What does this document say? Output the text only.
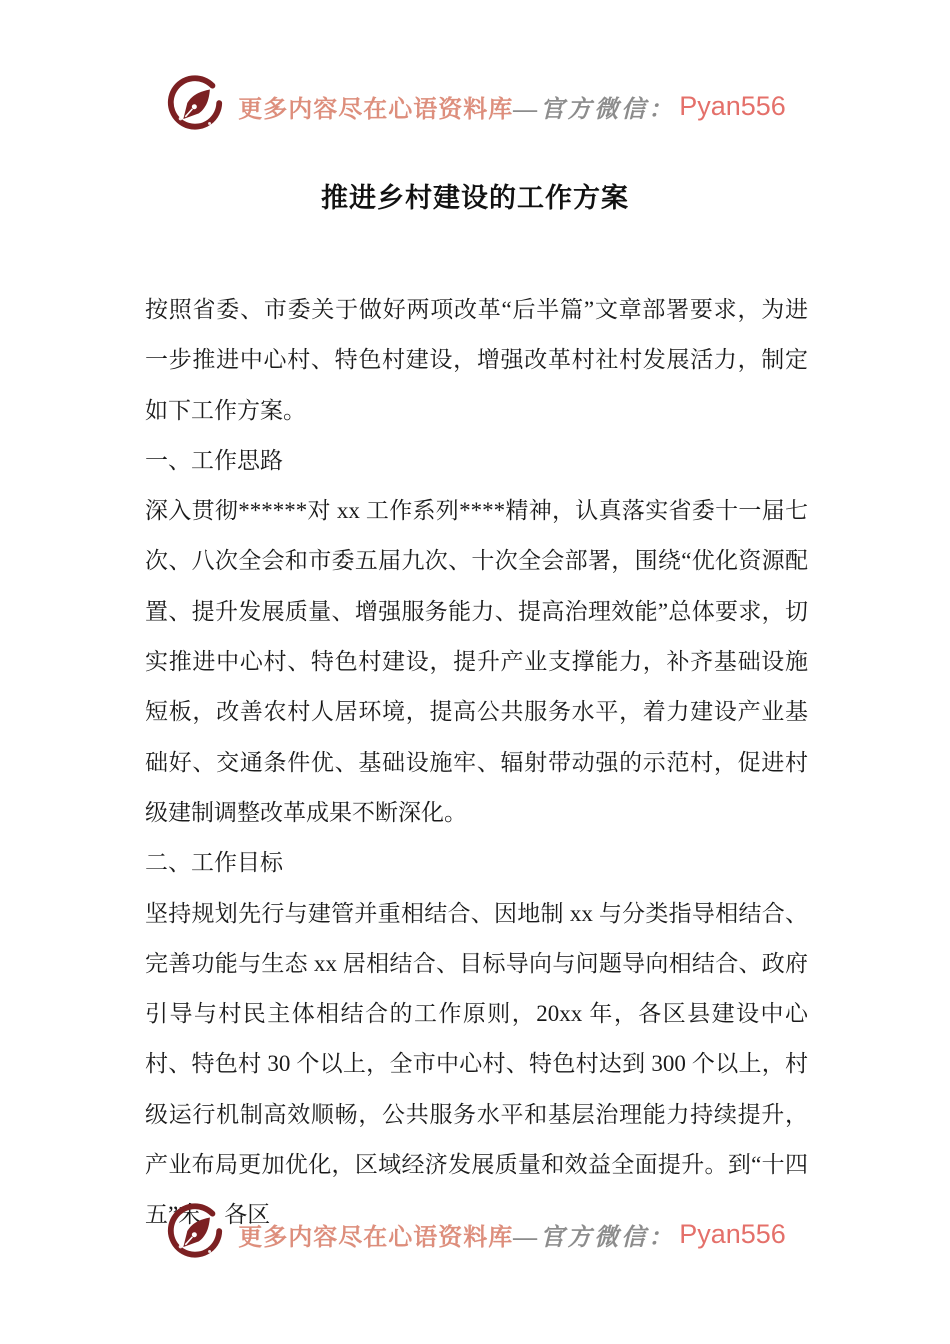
更多内容尽在心语资料库 —官方微信： Pyan556
推进乡村建设的工作方案

按照省委、市委关于做好两项改革“后半篇”文章部署要求，为进一步推进中心村、特色村建设，增强改革村社村发展活力，制定如下工作方案。

一、工作思路

深入贯彻******对 xx 工作系列****精神，认真落实省委十一届七次、八次全会和市委五届九次、十次全会部署，围绕“优化资源配置、提升发展质量、增强服务能力、提高治理效能”总体要求，切实推进中心村、特色村建设，提升产业支撑能力，补齐基础设施短板，改善农村人居环境，提高公共服务水平，着力建设产业基础好、交通条件优、基础设施牢、辐射带动强的示范村，促进村级建制调整改革成果不断深化。

二、工作目标

坚持规划先行与建管并重相结合、因地制 xx 与分类指导相结合、完善功能与生态 xx 居相结合、目标导向与问题导向相结合、政府引导与村民主体相结合的工作原则，20xx 年，各区县建设中心村、特色村 30 个以上，全市中心村、特色村达到 300 个以上，村级运行机制高效顺畅，公共服务水平和基层治理能力持续提升，产业布局更加优化，区域经济发展质量和效益全面提升。到“十四五”末，各区

更多内容尽在心语资料库 —官方微信： Pyan556
